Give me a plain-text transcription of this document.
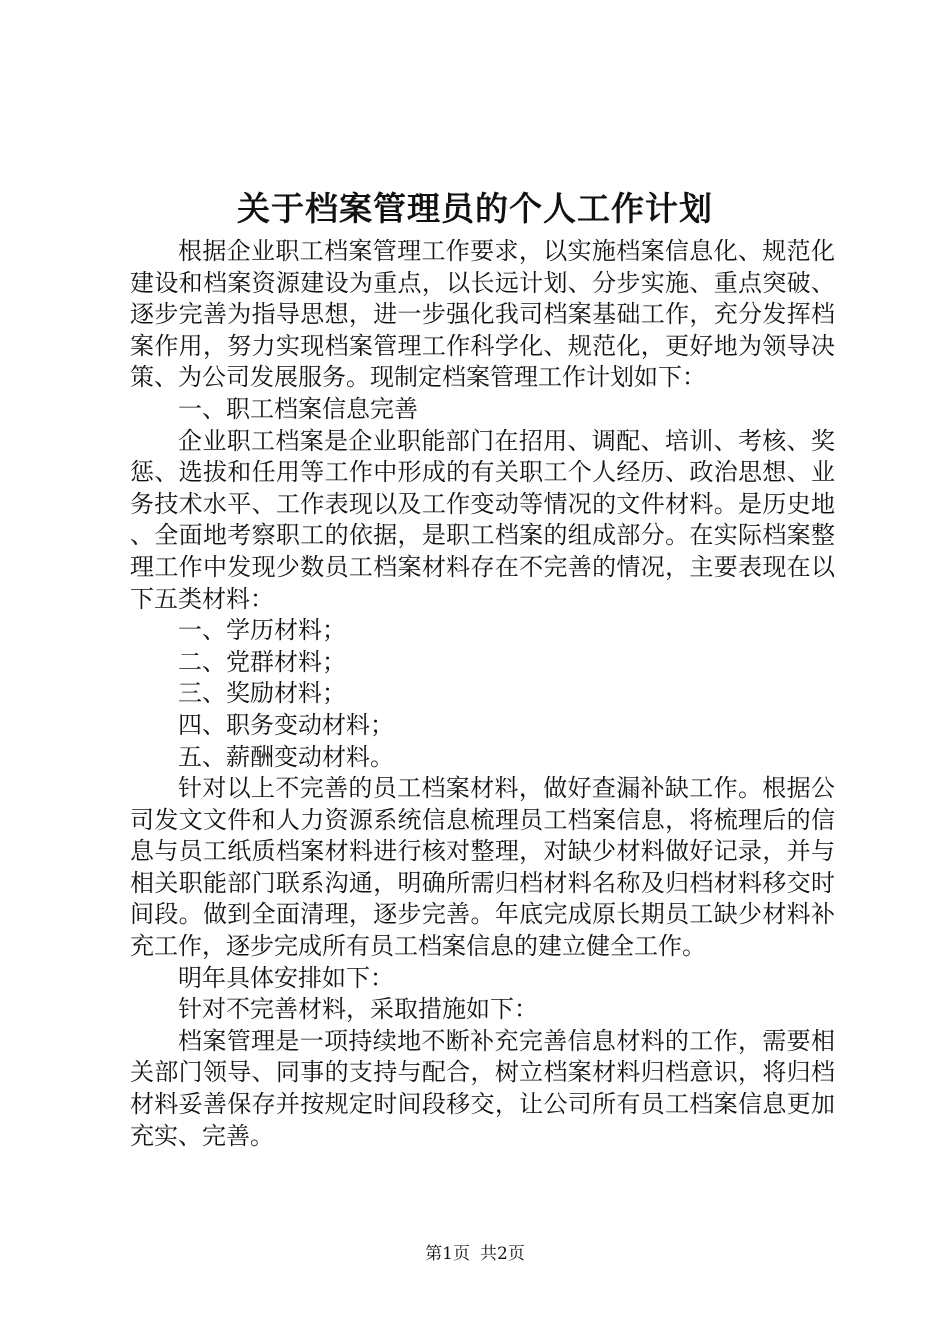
关于档案管理员的个人工作计划

根据企业职工档案管理工作要求，以实施档案信息化、规范化建设和档案资源建设为重点，以长远计划、分步实施、重点突破、逐步完善为指导思想，进一步强化我司档案基础工作，充分发挥档案作用，努力实现档案管理工作科学化、规范化，更好地为领导决策、为公司发展服务。现制定档案管理工作计划如下：

一、职工档案信息完善

企业职工档案是企业职能部门在招用、调配、培训、考核、奖惩、选拔和任用等工作中形成的有关职工个人经历、政治思想、业务技术水平、工作表现以及工作变动等情况的文件材料。是历史地、全面地考察职工的依据，是职工档案的组成部分。在实际档案整理工作中发现少数员工档案材料存在不完善的情况，主要表现在以下五类材料：

一、学历材料；

二、党群材料；

三、奖励材料；

四、职务变动材料；

五、薪酬变动材料。

针对以上不完善的员工档案材料，做好查漏补缺工作。根据公司发文文件和人力资源系统信息梳理员工档案信息，将梳理后的信息与员工纸质档案材料进行核对整理，对缺少材料做好记录，并与相关职能部门联系沟通，明确所需归档材料名称及归档材料移交时间段。做到全面清理，逐步完善。年底完成原长期员工缺少材料补充工作，逐步完成所有员工档案信息的建立健全工作。

明年具体安排如下：

针对不完善材料，采取措施如下：

档案管理是一项持续地不断补充完善信息材料的工作，需要相关部门领导、同事的支持与配合，树立档案材料归档意识，将归档材料妥善保存并按规定时间段移交，让公司所有员工档案信息更加充实、完善。

第1页 共2页
